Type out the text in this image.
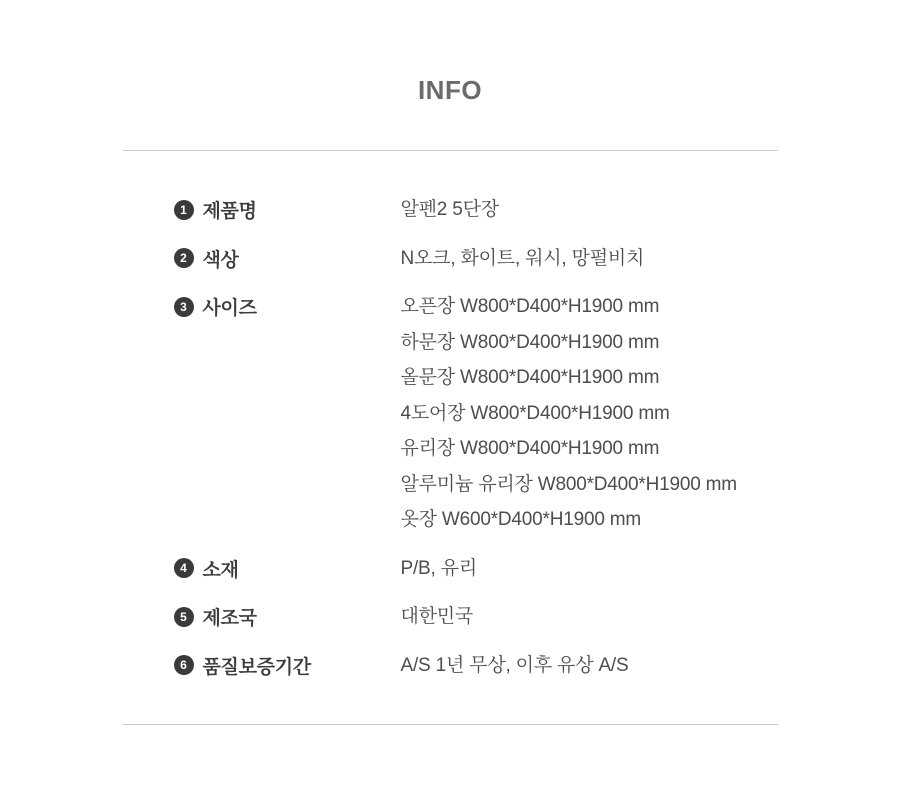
INFO
1 제품명	알펜2 5단장
2 색상	N오크, 화이트, 워시, 망펄비치
3 사이즈	오픈장 W800*D400*H1900 mm
하문장 W800*D400*H1900 mm
올문장 W800*D400*H1900 mm
4도어장 W800*D400*H1900 mm
유리장 W800*D400*H1900 mm
알루미늄 유리장 W800*D400*H1900 mm
옷장 W600*D400*H1900 mm
4 소재	P/B, 유리
5 제조국	대한민국
6 품질보증기간	A/S 1년 무상, 이후 유상 A/S
